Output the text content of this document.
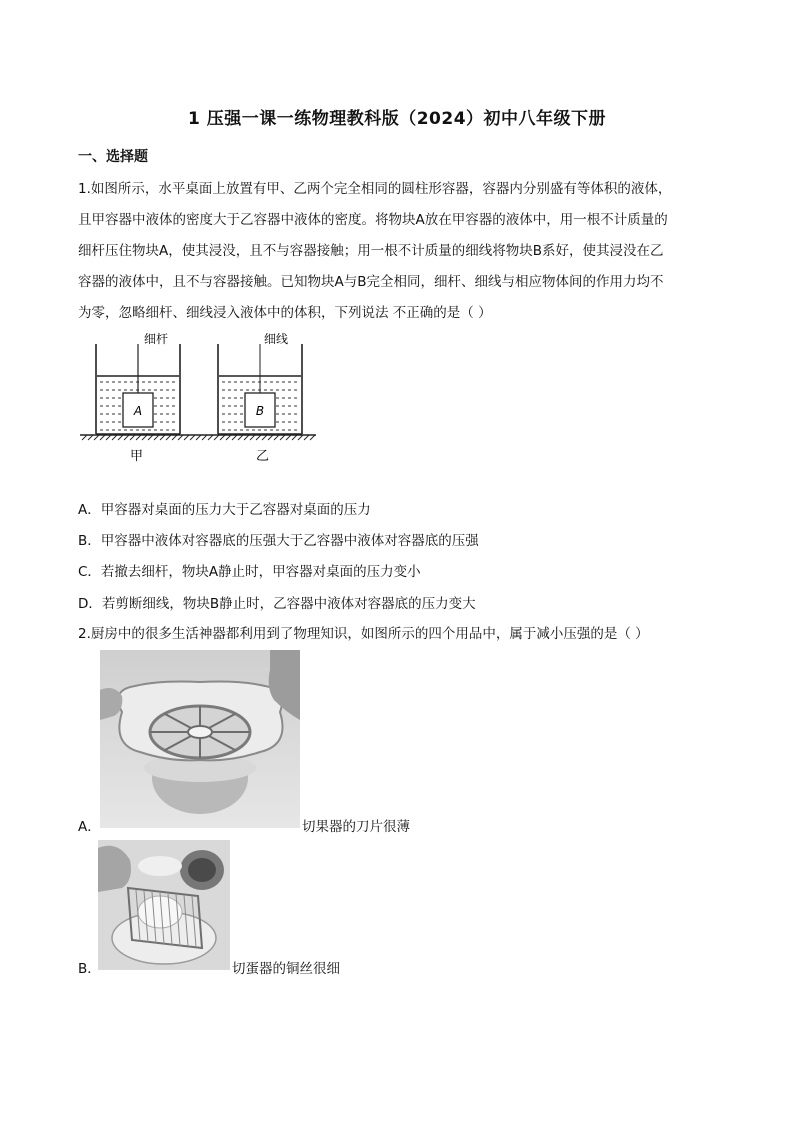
1 压强一课一练物理教科版（2024）初中八年级下册
一、选择题

1.如图所示，水平桌面上放置有甲、乙两个完全相同的圆柱形容器，容器内分别盛有等体积的液体，

且甲容器中液体的密度大于乙容器中液体的密度。将物块A放在甲容器的液体中，用一根不计质量的

细杆压住物块A，使其浸没，且不与容器接触；用一根不计质量的细线将物块B系好，使其浸没在乙

容器的液体中，且不与容器接触。已知物块A与B完全相同，细杆、细线与相应物体间的作用力均不

为零，忽略细杆、细线浸入液体中的体积，下列说法 不正确的是（ ）

A
细杆
B
细线
甲	乙
A．甲容器对桌面的压力大于乙容器对桌面的压力
B．甲容器中液体对容器底的压强大于乙容器中液体对容器底的压强
C．若撤去细杆，物块A静止时，甲容器对桌面的压力变小
D．若剪断细线，物块B静止时，乙容器中液体对容器底的压力变大
2.厨房中的很多生活神器都利用到了物理知识，如图所示的四个用品中，属于减小压强的是（ ）
A．	切果器的刀片很薄
B．	切蛋器的铜丝很细
